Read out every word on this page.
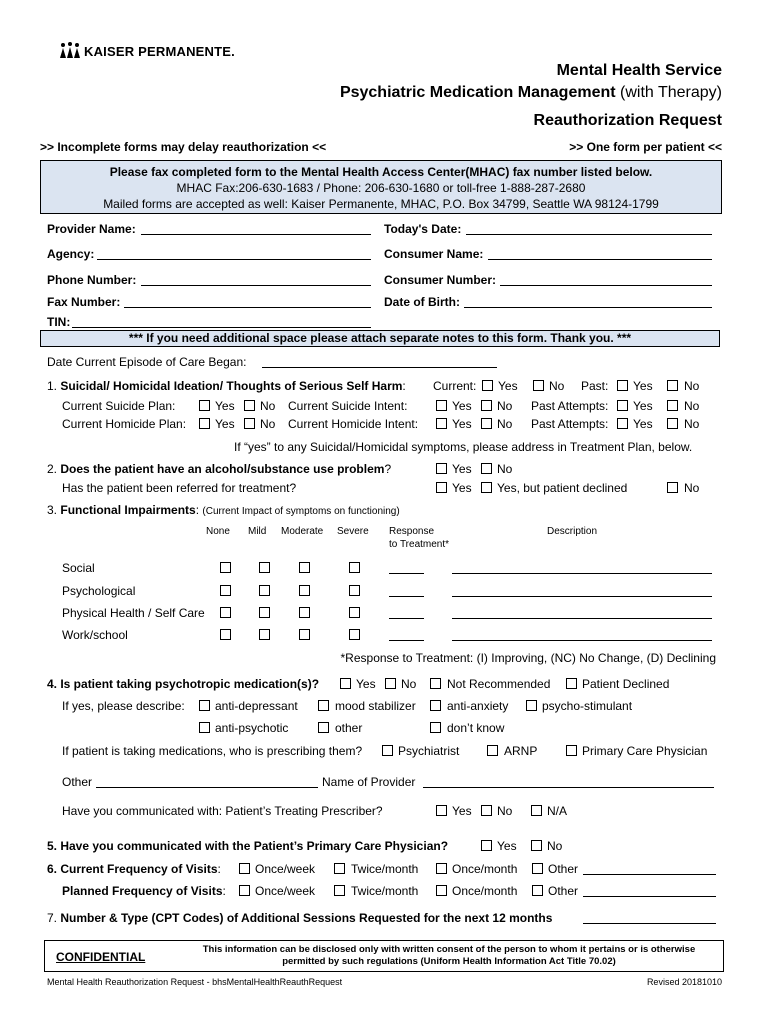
KAISER PERMANENTE.
Mental Health Service
Psychiatric Medication Management (with Therapy)
Reauthorization Request
>> Incomplete forms may delay reauthorization <<	>> One form per patient <<
Please fax completed form to the Mental Health Access Center(MHAC) fax number listed below.
MHAC Fax:206-630-1683 / Phone: 206-630-1680 or toll-free 1-888-287-2680
Mailed forms are accepted as well: Kaiser Permanente, MHAC, P.O. Box 34799, Seattle WA 98124-1799
Provider Name:	Today's Date:
Agency:	Consumer Name:
Phone Number:	Consumer Number:
Fax Number:	Date of Birth:
TIN:
*** If you need additional space please attach separate notes to this form. Thank you. ***
Date Current Episode of Care Began:
1. Suicidal/ Homicidal Ideation/ Thoughts of Serious Self Harm: Current: Yes	No Past: Yes	No
Current Suicide Plan:	Yes No Current Suicide Intent:	Yes No Past Attempts: Yes	No
Current Homicide Plan: Yes No Current Homicide Intent:	Yes No Past Attempts: Yes	No
If “yes” to any Suicidal/Homicidal symptoms, please address in Treatment Plan, below.
2. Does the patient have an alcohol/substance use problem?	Yes No
Has the patient been referred for treatment?	Yes Yes, but patient declined	No
3. Functional Impairments: (Current Impact of symptoms on functioning)
None Mild Moderate Severe Response
to Treatment*
Description
Social
Psychological
Physical Health / Self Care
Work/school
*Response to Treatment: (I) Improving, (NC) No Change, (D) Declining
4. Is patient taking psychotropic medication(s)?	Yes No	Not Recommended	Patient Declined
If yes, please describe:	anti-depressant	mood stabilizer	anti-anxiety	psycho-stimulant
anti-psychotic	other	don’t know
If patient is taking medications, who is prescribing them?	Psychiatrist	ARNP	Primary Care Physician
Other	Name of Provider
Have you communicated with: Patient’s Treating Prescriber?	Yes No	N/A
5. Have you communicated with the Patient’s Primary Care Physician?	Yes	No
6. Current Frequency of Visits:	Once/week	Twice/month	Once/month	Other
Planned Frequency of Visits: Once/week	Twice/month	Once/month	Other
7. Number & Type (CPT Codes) of Additional Sessions Requested for the next 12 months
CONFIDENTIAL
This information can be disclosed only with written consent of the person to whom it pertains or is otherwise
permitted by such regulations (Uniform Health Information Act Title 70.02)
Mental Health Reauthorization Request - bhsMentalHealthReauthRequest	Revised 20181010
